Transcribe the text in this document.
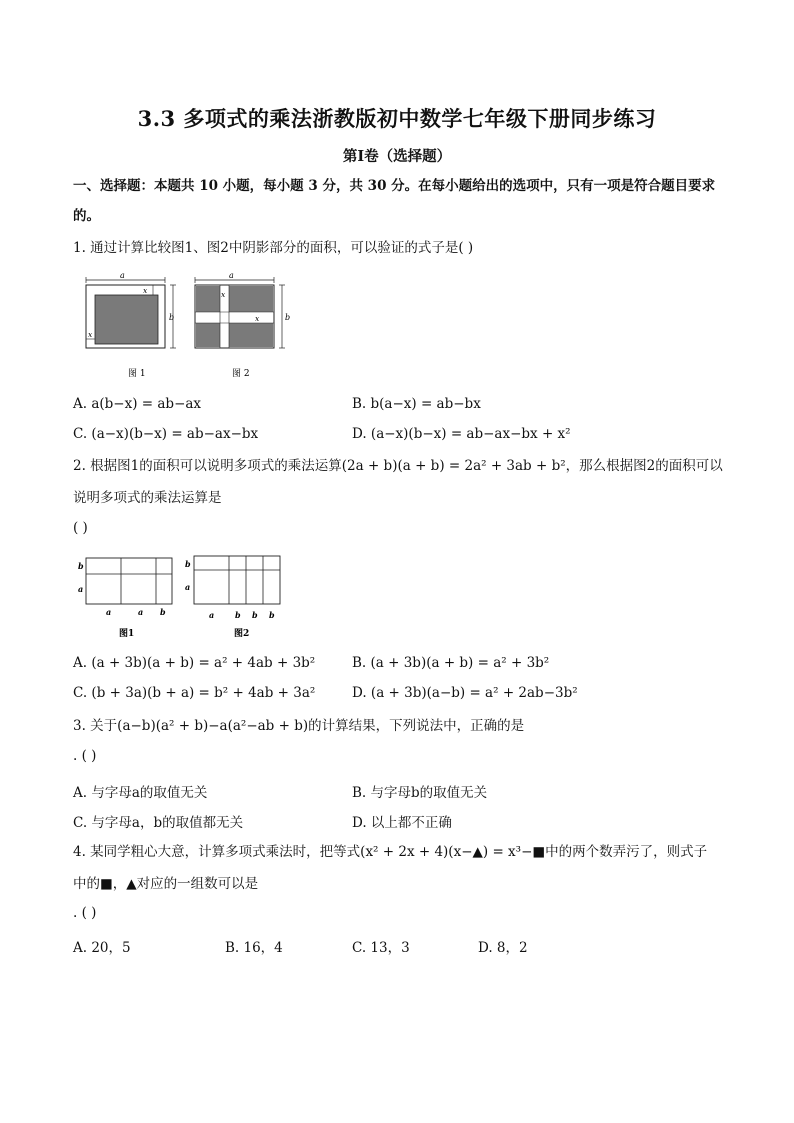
3.3 多项式的乘法浙教版初中数学七年级下册同步练习
第Ⅰ卷（选择题）
一、选择题：本题共 10 小题，每小题 3 分，共 30 分。在每小题给出的选项中，只有一项是符合题目要求
的。
1. 通过计算比较图1、图2中阴影部分的面积，可以验证的式子是( )
a
b
x
x
图 1
a
b
x
x
图 2
A. a(b−x) = ab−ax	B. b(a−x) = ab−bx
C. (a−x)(b−x) = ab−ax−bx	D. (a−x)(b−x) = ab−ax−bx + x²
2. 根据图1的面积可以说明多项式的乘法运算(2a + b)(a + b) = 2a² + 3ab + b²，那么根据图2的面积可以
说明多项式的乘法运算是
( )
b
a
a	a b
图1
b
a
a	b b b
图2
A. (a + 3b)(a + b) = a² + 4ab + 3b²	B. (a + 3b)(a + b) = a² + 3b²
C. (b + 3a)(b + a) = b² + 4ab + 3a²	D. (a + 3b)(a−b) = a² + 2ab−3b²
3. 关于(a−b)(a² + b)−a(a²−ab + b)的计算结果，下列说法中，正确的是
. ( )
A. 与字母a的取值无关	B. 与字母b的取值无关
C. 与字母a，b的取值都无关	D. 以上都不正确
4. 某同学粗心大意，计算多项式乘法时，把等式(x² + 2x + 4)(x−▲) = x³−■中的两个数弄污了，则式子
中的■，▲对应的一组数可以是
. ( )
A. 20，5	B. 16，4	C. 13，3	D. 8，2
